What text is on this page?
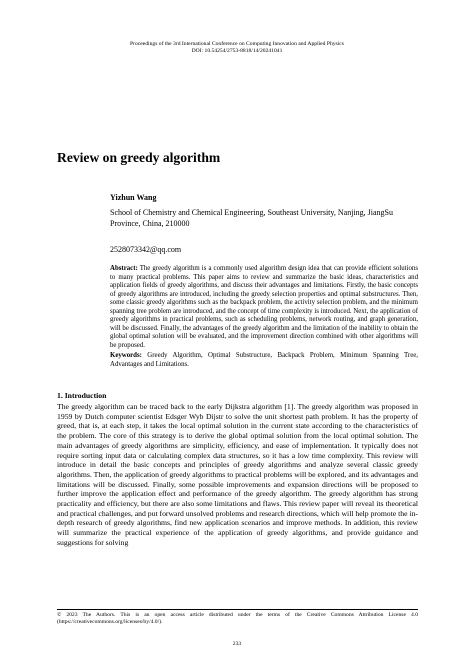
Proceedings of the 3rd International Conference on Computing Innovation and Applied Physics
DOI: 10.54254/2753-8818/14/20241041
Review on greedy algorithm
Yizhun Wang
School of Chemistry and Chemical Engineering, Southeast University, Nanjing, JiangSu Province, China, 210000
2528073342@qq.com

Abstract: The greedy algorithm is a commonly used algorithm design idea that can provide efficient solutions to many practical problems. This paper aims to review and summarize the basic ideas, characteristics and application fields of greedy algorithms, and discuss their advantages and limitations. Firstly, the basic concepts of greedy algorithms are introduced, including the greedy selection properties and optimal substructures. Then, some classic greedy algorithms such as the backpack problem, the activity selection problem, and the minimum spanning tree problem are introduced, and the concept of time complexity is introduced. Next, the application of greedy algorithms in practical problems, such as scheduling problems, network routing, and graph generation, will be discussed. Finally, the advantages of the greedy algorithm and the limitation of the inability to obtain the global optimal solution will be evaluated, and the improvement direction combined with other algorithms will be proposed.

Keywords: Greedy Algorithm, Optimal Substructure, Backpack Problem, Minimum Spanning Tree, Advantages and Limitations.

1. Introduction

The greedy algorithm can be traced back to the early Dijkstra algorithm [1]. The greedy algorithm was proposed in 1959 by Dutch computer scientist Edsger Wyb Dijstr to solve the unit shortest path problem. It has the property of greed, that is, at each step, it takes the local optimal solution in the current state according to the characteristics of the problem. The core of this strategy is to derive the global optimal solution from the local optimal solution. The main advantages of greedy algorithms are simplicity, efficiency, and ease of implementation. It typically does not require sorting input data or calculating complex data structures, so it has a low time complexity. This review will introduce in detail the basic concepts and principles of greedy algorithms and analyze several classic greedy algorithms. Then, the application of greedy algorithms to practical problems will be explored, and its advantages and limitations will be discussed. Finally, some possible improvements and expansion directions will be proposed to further improve the application effect and performance of the greedy algorithm. The greedy algorithm has strong practicality and efficiency, but there are also some limitations and flaws. This review paper will reveal its theoretical and practical challenges, and put forward unsolved problems and research directions, which will help promote the in-depth research of greedy algorithms, find new application scenarios and improve methods. In addition, this review will summarize the practical experience of the application of greedy algorithms, and provide guidance and suggestions for solving

© 2023 The Authors. This is an open access article distributed under the terms of the Creative Commons Attribution License 4.0 (https://creativecommons.org/licenses/by/4.0/).

233
